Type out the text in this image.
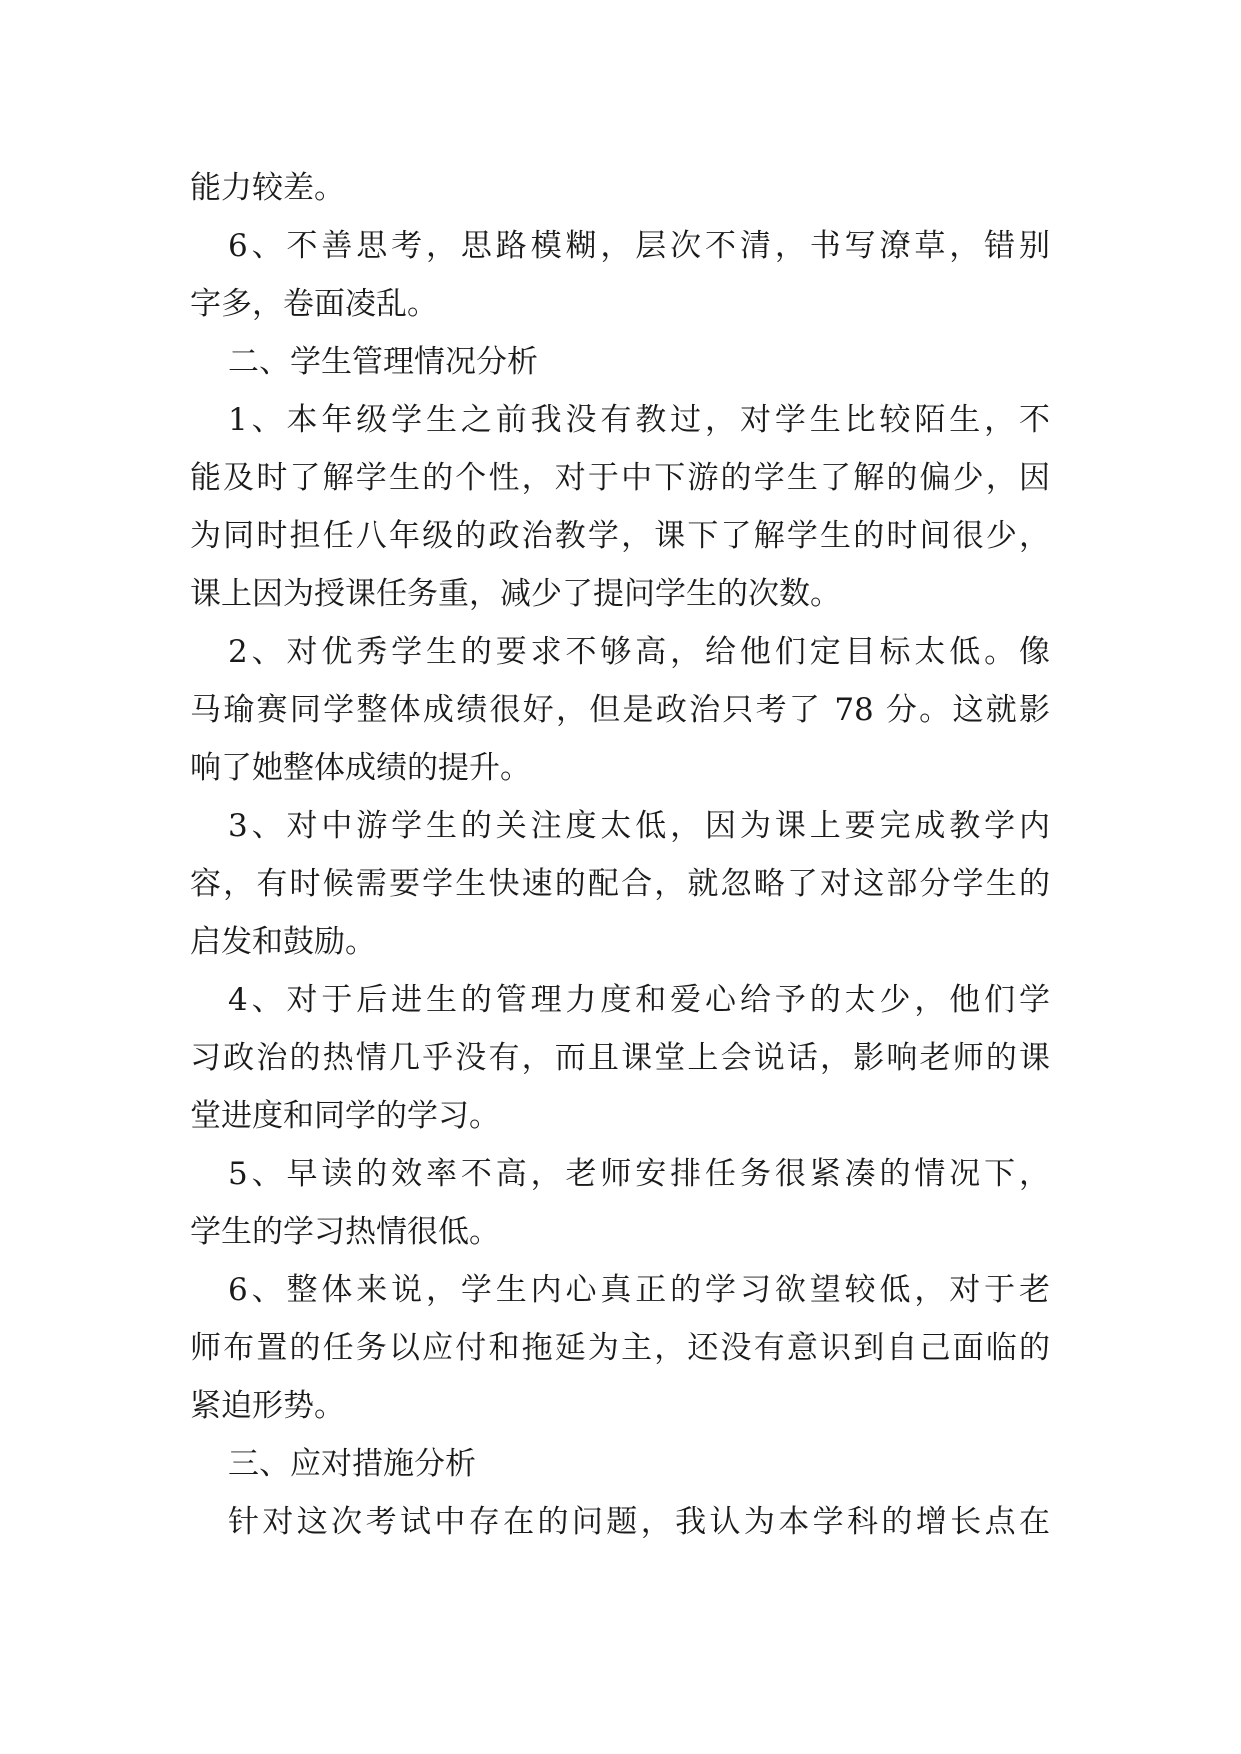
能力较差。
6、不善思考，思路模糊，层次不清，书写潦草，错别
字多，卷面凌乱。
二、学生管理情况分析
1、本年级学生之前我没有教过，对学生比较陌生，不
能及时了解学生的个性，对于中下游的学生了解的偏少，因
为同时担任八年级的政治教学，课下了解学生的时间很少，
课上因为授课任务重，减少了提问学生的次数。
2、对优秀学生的要求不够高，给他们定目标太低。像
马瑜赛同学整体成绩很好，但是政治只考了 78 分。这就影
响了她整体成绩的提升。
3、对中游学生的关注度太低，因为课上要完成教学内
容，有时候需要学生快速的配合，就忽略了对这部分学生的
启发和鼓励。
4、对于后进生的管理力度和爱心给予的太少，他们学
习政治的热情几乎没有，而且课堂上会说话，影响老师的课
堂进度和同学的学习。
5、早读的效率不高，老师安排任务很紧凑的情况下，
学生的学习热情很低。
6、整体来说，学生内心真正的学习欲望较低，对于老
师布置的任务以应付和拖延为主，还没有意识到自己面临的
紧迫形势。
三、应对措施分析
针对这次考试中存在的问题，我认为本学科的增长点在
